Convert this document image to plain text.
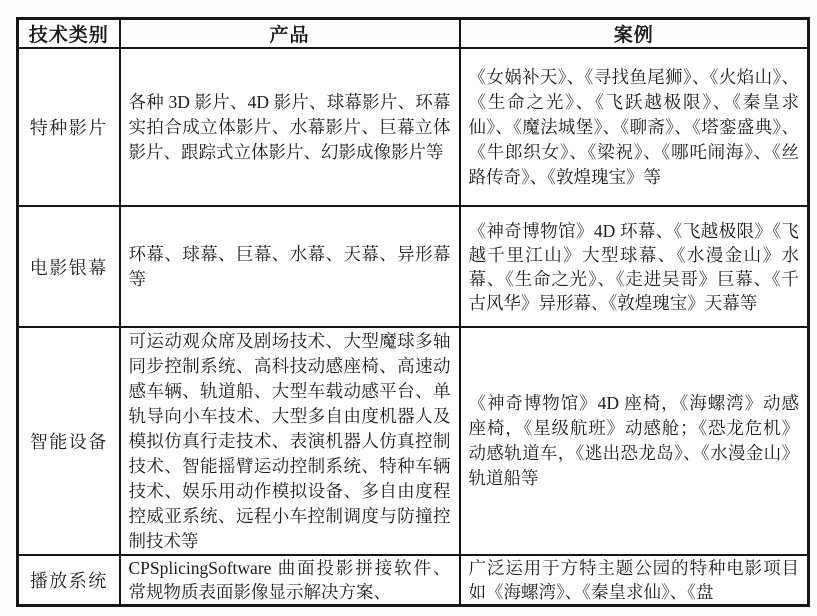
技术类别	产品	案例
特种影片	各种 3D 影片、4D 影片、球幕影片、环幕实拍合成立体影片、水幕影片、巨幕立体影片、跟踪式立体影片、幻影成像影片等	《女娲补天》、《寻找鱼尾狮》、《火焰山》、《生命之光》、《飞跃越极限》、《秦皇求仙》、《魔法城堡》、《聊斋》、《塔銮盛典》、《牛郎织女》、《梁祝》、《哪吒闹海》、《丝路传奇》、《敦煌瑰宝》等

电影银幕	环幕、球幕、巨幕、水幕、天幕、异形幕等	《神奇博物馆》4D 环幕、《飞越极限》《飞越千里江山》大型球幕、《水漫金山》水幕、《生命之光》、《走进吴哥》巨幕、《千古风华》异形幕、《敦煌瑰宝》天幕等

智能设备	可运动观众席及剧场技术、大型魔球多轴同步控制系统、高科技动感座椅、高速动感车辆、轨道船、大型车载动感平台、单轨导向小车技术、大型多自由度机器人及模拟仿真行走技术、表演机器人仿真控制技术、智能摇臂运动控制系统、特种车辆技术、娱乐用动作模拟设备、多自由度程控威亚系统、远程小车控制调度与防撞控制技术等	《神奇博物馆》4D 座椅，《海螺湾》动感座椅，《星级航班》动感舱；《恐龙危机》动感轨道车，《逃出恐龙岛》、《水漫金山》轨道船等

播放系统	CPSplicingSoftware 曲面投影拼接软件、常规物质表面影像显示解决方案、	广泛运用于方特主题公园的特种电影项目如《海螺湾》、《秦皇求仙》、《盘
